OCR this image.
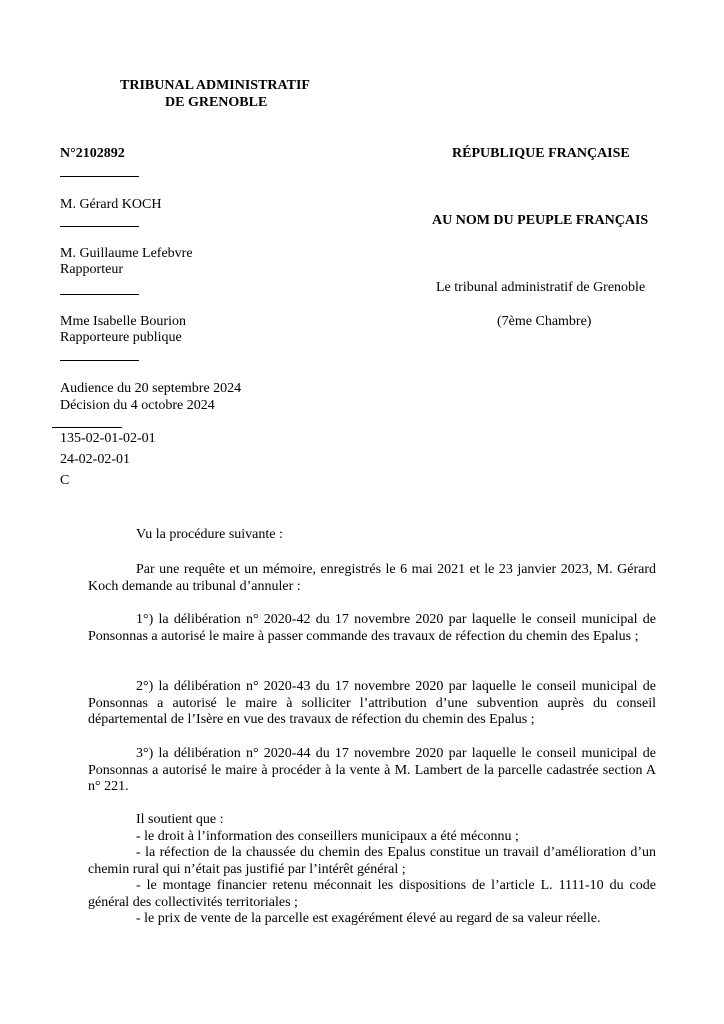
TRIBUNAL ADMINISTRATIF
DE GRENOBLE
N°2102892	RÉPUBLIQUE FRANÇAISE
M. Gérard KOCH
AU NOM DU PEUPLE FRANÇAIS
M. Guillaume Lefebvre
Rapporteur
Le tribunal administratif de Grenoble
Mme Isabelle Bourion
Rapporteure publique
(7ème Chambre)
Audience du 20 septembre 2024
Décision du 4 octobre 2024
135-02-01-02-01
24-02-02-01
C
Vu la procédure suivante :

Par une requête et un mémoire, enregistrés le 6 mai 2021 et le 23 janvier 2023, M. Gérard Koch demande au tribunal d’annuler :

1°) la délibération n° 2020-42 du 17 novembre 2020 par laquelle le conseil municipal de Ponsonnas a autorisé le maire à passer commande des travaux de réfection du chemin des Epalus ;

2°) la délibération n° 2020-43 du 17 novembre 2020 par laquelle le conseil municipal de Ponsonnas a autorisé le maire à solliciter l’attribution d’une subvention auprès du conseil départemental de l’Isère en vue des travaux de réfection du chemin des Epalus ;

3°) la délibération n° 2020-44 du 17 novembre 2020 par laquelle le conseil municipal de Ponsonnas a autorisé le maire à procéder à la vente à M. Lambert de la parcelle cadastrée section A n° 221.

Il soutient que :

- le droit à l’information des conseillers municipaux a été méconnu ;

- la réfection de la chaussée du chemin des Epalus constitue un travail d’amélioration d’un chemin rural qui n’était pas justifié par l’intérêt général ;

- le montage financier retenu méconnait les dispositions de l’article L. 1111-10 du code général des collectivités territoriales ;

- le prix de vente de la parcelle est exagérément élevé au regard de sa valeur réelle.
